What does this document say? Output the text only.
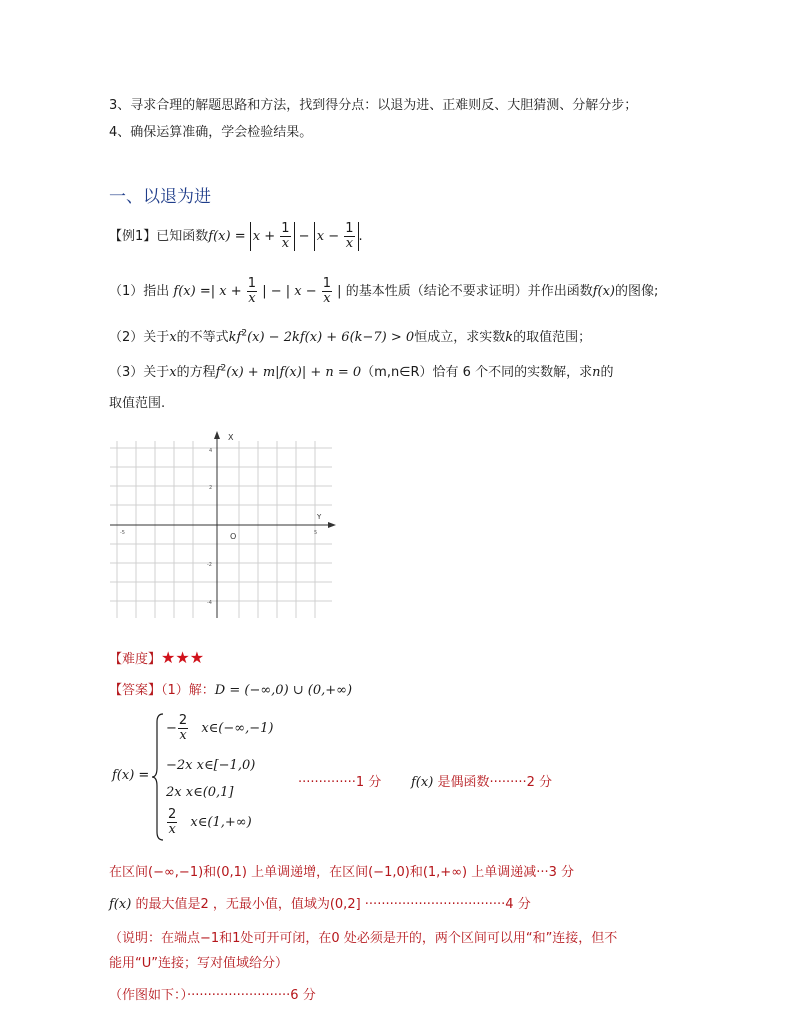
3、寻求合理的解题思路和方法，找到得分点：以退为进、正难则反、大胆猜测、分解分步；
4、确保运算准确，学会检验结果。
一、以退为进
【例1】已知函数$f(x) = x + \frac{1}{x} - x - \frac{1}{x}$ .
（1）指出 f(x) =| $x + \frac{1}{x}$ | − | $x - \frac{1}{x}$ | 的基本性质（结论不要求证明）并作出函数f(x)的图像;
（2）关于x的不等式$kf^2(x) - 2kf(x) + 6(k-7) > 0$恒成立，求实数k的取值范围；
（3）关于x的方程$f^2(x) + m|f(x)| + n$ = 0（m,n∈R）恰有 6 个不同的实数解，求n的
取值范围.
X
Y
O
-5	5
4
2
-2
-4
【难度】★★★
【答案】（1）解：D = (−∞,0) ∪ (0,+∞)
f(x) =
− $\frac{2}{x}$ x∈(−∞,−1)
−2x x∈[−1,0)
2x x∈(0,1]
$\frac{2}{x}$ x∈(1,+∞)
··············1 分 f(x) 是偶函数·········2 分
在区间(−∞,−1)和(0,1) 上单调递增，在区间(−1,0)和(1,+∞) 上单调递减···3 分
f(x) 的最大值是2 ，无最小值，值域为(0,2] ··································4 分
（说明：在端点−1和1处可开可闭，在0 处必须是开的，两个区间可以用“和”连接，但不
能用“U”连接；写对值域给分）
（作图如下：）·························6 分
